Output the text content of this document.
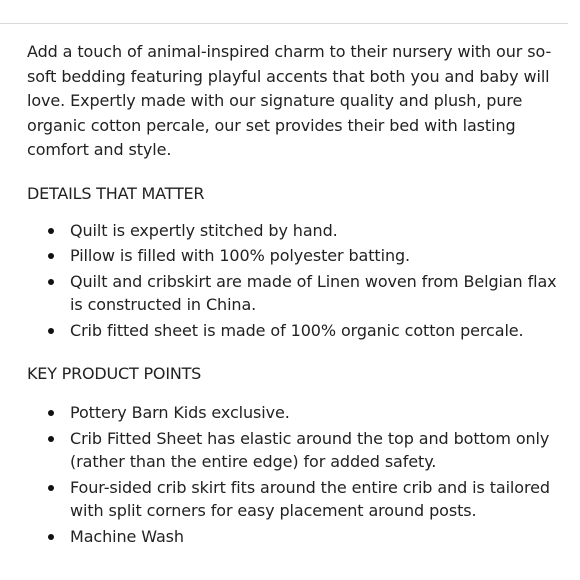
Add a touch of animal-inspired charm to their nursery with our so-soft bedding featuring playful accents that both you and baby will love. Expertly made with our signature quality and plush, pure organic cotton percale, our set provides their bed with lasting comfort and style.

DETAILS THAT MATTER
Quilt is expertly stitched by hand.
Pillow is filled with 100% polyester batting.
Quilt and cribskirt are made of Linen woven from Belgian flax is constructed in China.
Crib fitted sheet is made of 100% organic cotton percale.
KEY PRODUCT POINTS
Pottery Barn Kids exclusive.
Crib Fitted Sheet has elastic around the top and bottom only (rather than the entire edge) for added safety.
Four-sided crib skirt fits around the entire crib and is tailored with split corners for easy placement around posts.
Machine Wash
